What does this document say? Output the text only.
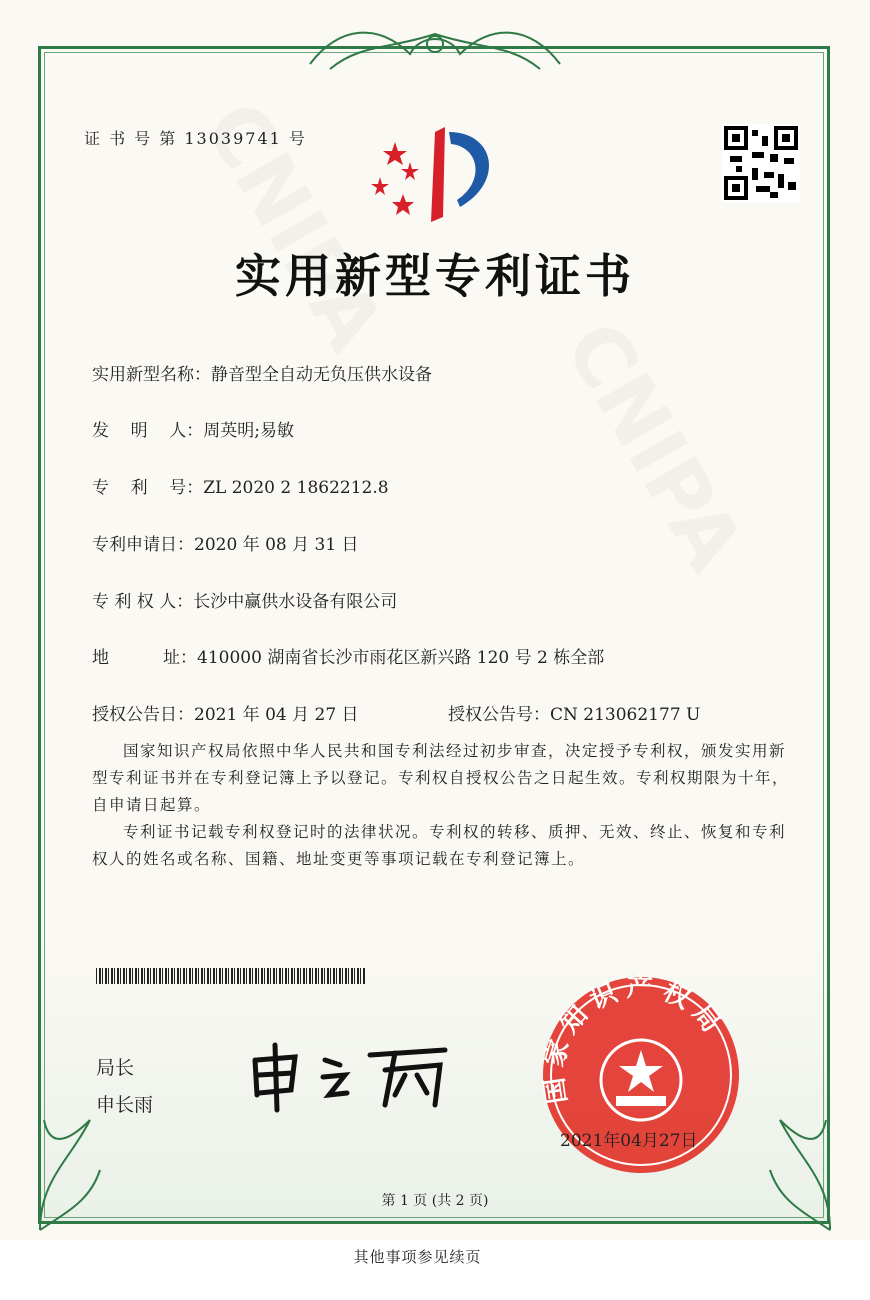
证 书 号 第 13039741 号
实用新型专利证书
实用新型名称：静音型全自动无负压供水设备
发    明    人：周英明;易敏
专    利    号：ZL 2020 2 1862212.8
专利申请日：2020 年 08 月 31 日
专 利 权 人：长沙中赢供水设备有限公司
地          址：410000 湖南省长沙市雨花区新兴路 120 号 2 栋全部
授权公告日：2021 年 04 月 27 日	授权公告号：CN 213062177 U

国家知识产权局依照中华人民共和国专利法经过初步审查，决定授予专利权，颁发实用新型专利证书并在专利登记簿上予以登记。专利权自授权公告之日起生效。专利权期限为十年，自申请日起算。

专利证书记载专利权登记时的法律状况。专利权的转移、质押、无效、终止、恢复和专利权人的姓名或名称、国籍、地址变更等事项记载在专利登记簿上。

局长
申长雨	国家知识产权局
2021年04月27日
第 1 页 (共 2 页)
其他事项参见续页
